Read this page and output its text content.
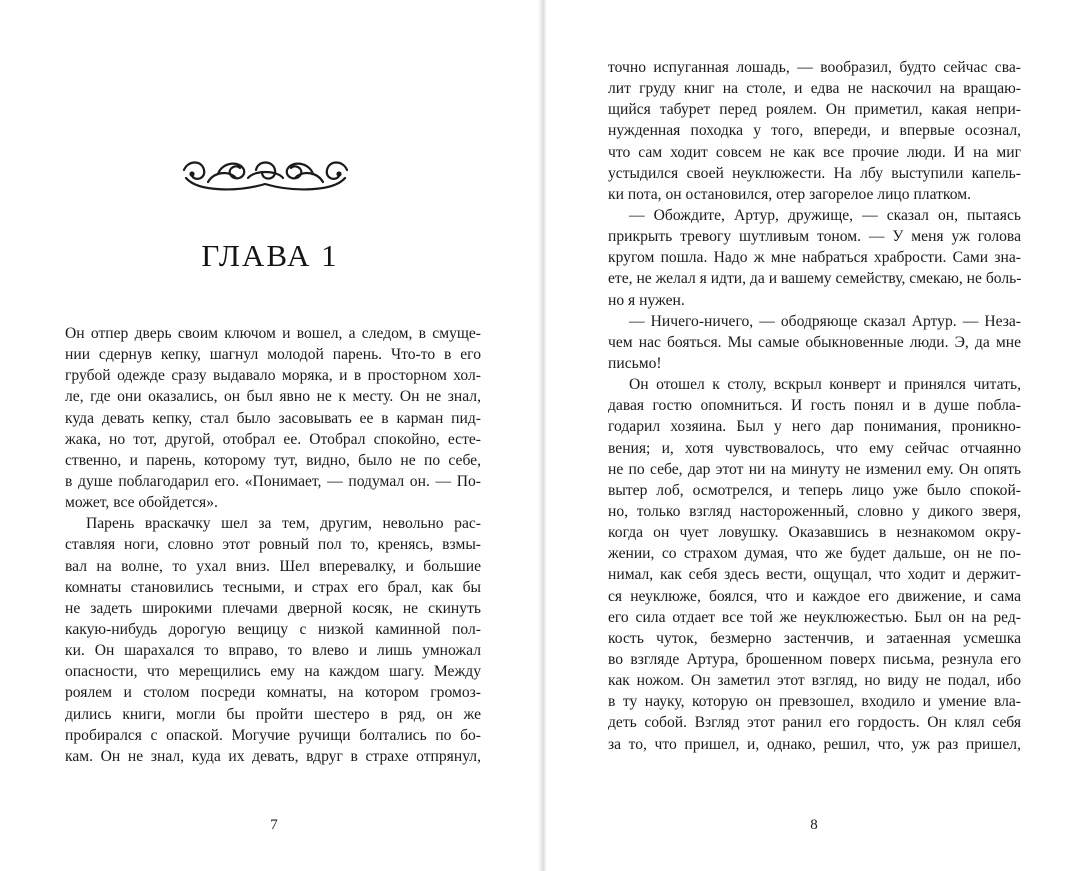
ГЛАВА 1
Он отпер дверь своим ключом и вошел, а следом, в смуще-
нии сдернув кепку, шагнул молодой парень. Что-то в его
грубой одежде сразу выдавало моряка, и в просторном хол-
ле, где они оказались, он был явно не к месту. Он не знал,
куда девать кепку, стал было засовывать ее в карман пид-
жака, но тот, другой, отобрал ее. Отобрал спокойно, есте-
ственно, и парень, которому тут, видно, было не по себе,
в душе поблагодарил его. «Понимает, — подумал он. — По-
может, все обойдется».
Парень враскачку шел за тем, другим, невольно рас-
ставляя ноги, словно этот ровный пол то, кренясь, взмы-
вал на волне, то ухал вниз. Шел вперевалку, и большие
комнаты становились тесными, и страх его брал, как бы
не задеть широкими плечами дверной косяк, не скинуть
какую-нибудь дорогую вещицу с низкой каминной пол-
ки. Он шарахался то вправо, то влево и лишь умножал
опасности, что мерещились ему на каждом шагу. Между
роялем и столом посреди комнаты, на котором громоз-
дились книги, могли бы пройти шестеро в ряд, он же
пробирался с опаской. Могучие ручищи болтались по бо-
кам. Он не знал, куда их девать, вдруг в страхе отпрянул,
7	8
точно испуганная лошадь, — вообразил, будто сейчас сва-
лит груду книг на столе, и едва не наскочил на вращаю-
щийся табурет перед роялем. Он приметил, какая непри-
нужденная походка у того, впереди, и впервые осознал,
что сам ходит совсем не как все прочие люди. И на миг
устыдился своей неуклюжести. На лбу выступили капель-
ки пота, он остановился, отер загорелое лицо платком.
— Обождите, Артур, дружище, — сказал он, пытаясь
прикрыть тревогу шутливым тоном. — У меня уж голова
кругом пошла. Надо ж мне набраться храбрости. Сами зна-
ете, не желал я идти, да и вашему семейству, смекаю, не боль-
но я нужен.
— Ничего-ничего, — ободряюще сказал Артур. — Неза-
чем нас бояться. Мы самые обыкновенные люди. Э, да мне
письмо!
Он отошел к столу, вскрыл конверт и принялся читать,
давая гостю опомниться. И гость понял и в душе побла-
годарил хозяина. Был у него дар понимания, проникно-
вения; и, хотя чувствовалось, что ему сейчас отчаянно
не по себе, дар этот ни на минуту не изменил ему. Он опять
вытер лоб, осмотрелся, и теперь лицо уже было спокой-
но, только взгляд настороженный, словно у дикого зверя,
когда он чует ловушку. Оказавшись в незнакомом окру-
жении, со страхом думая, что же будет дальше, он не по-
нимал, как себя здесь вести, ощущал, что ходит и держит-
ся неуклюже, боялся, что и каждое его движение, и сама
его сила отдает все той же неуклюжестью. Был он на ред-
кость чуток, безмерно застенчив, и затаенная усмешка
во взгляде Артура, брошенном поверх письма, резнула его
как ножом. Он заметил этот взгляд, но виду не подал, ибо
в ту науку, которую он превзошел, входило и умение вла-
деть собой. Взгляд этот ранил его гордость. Он клял себя
за то, что пришел, и, однако, решил, что, уж раз пришел,
